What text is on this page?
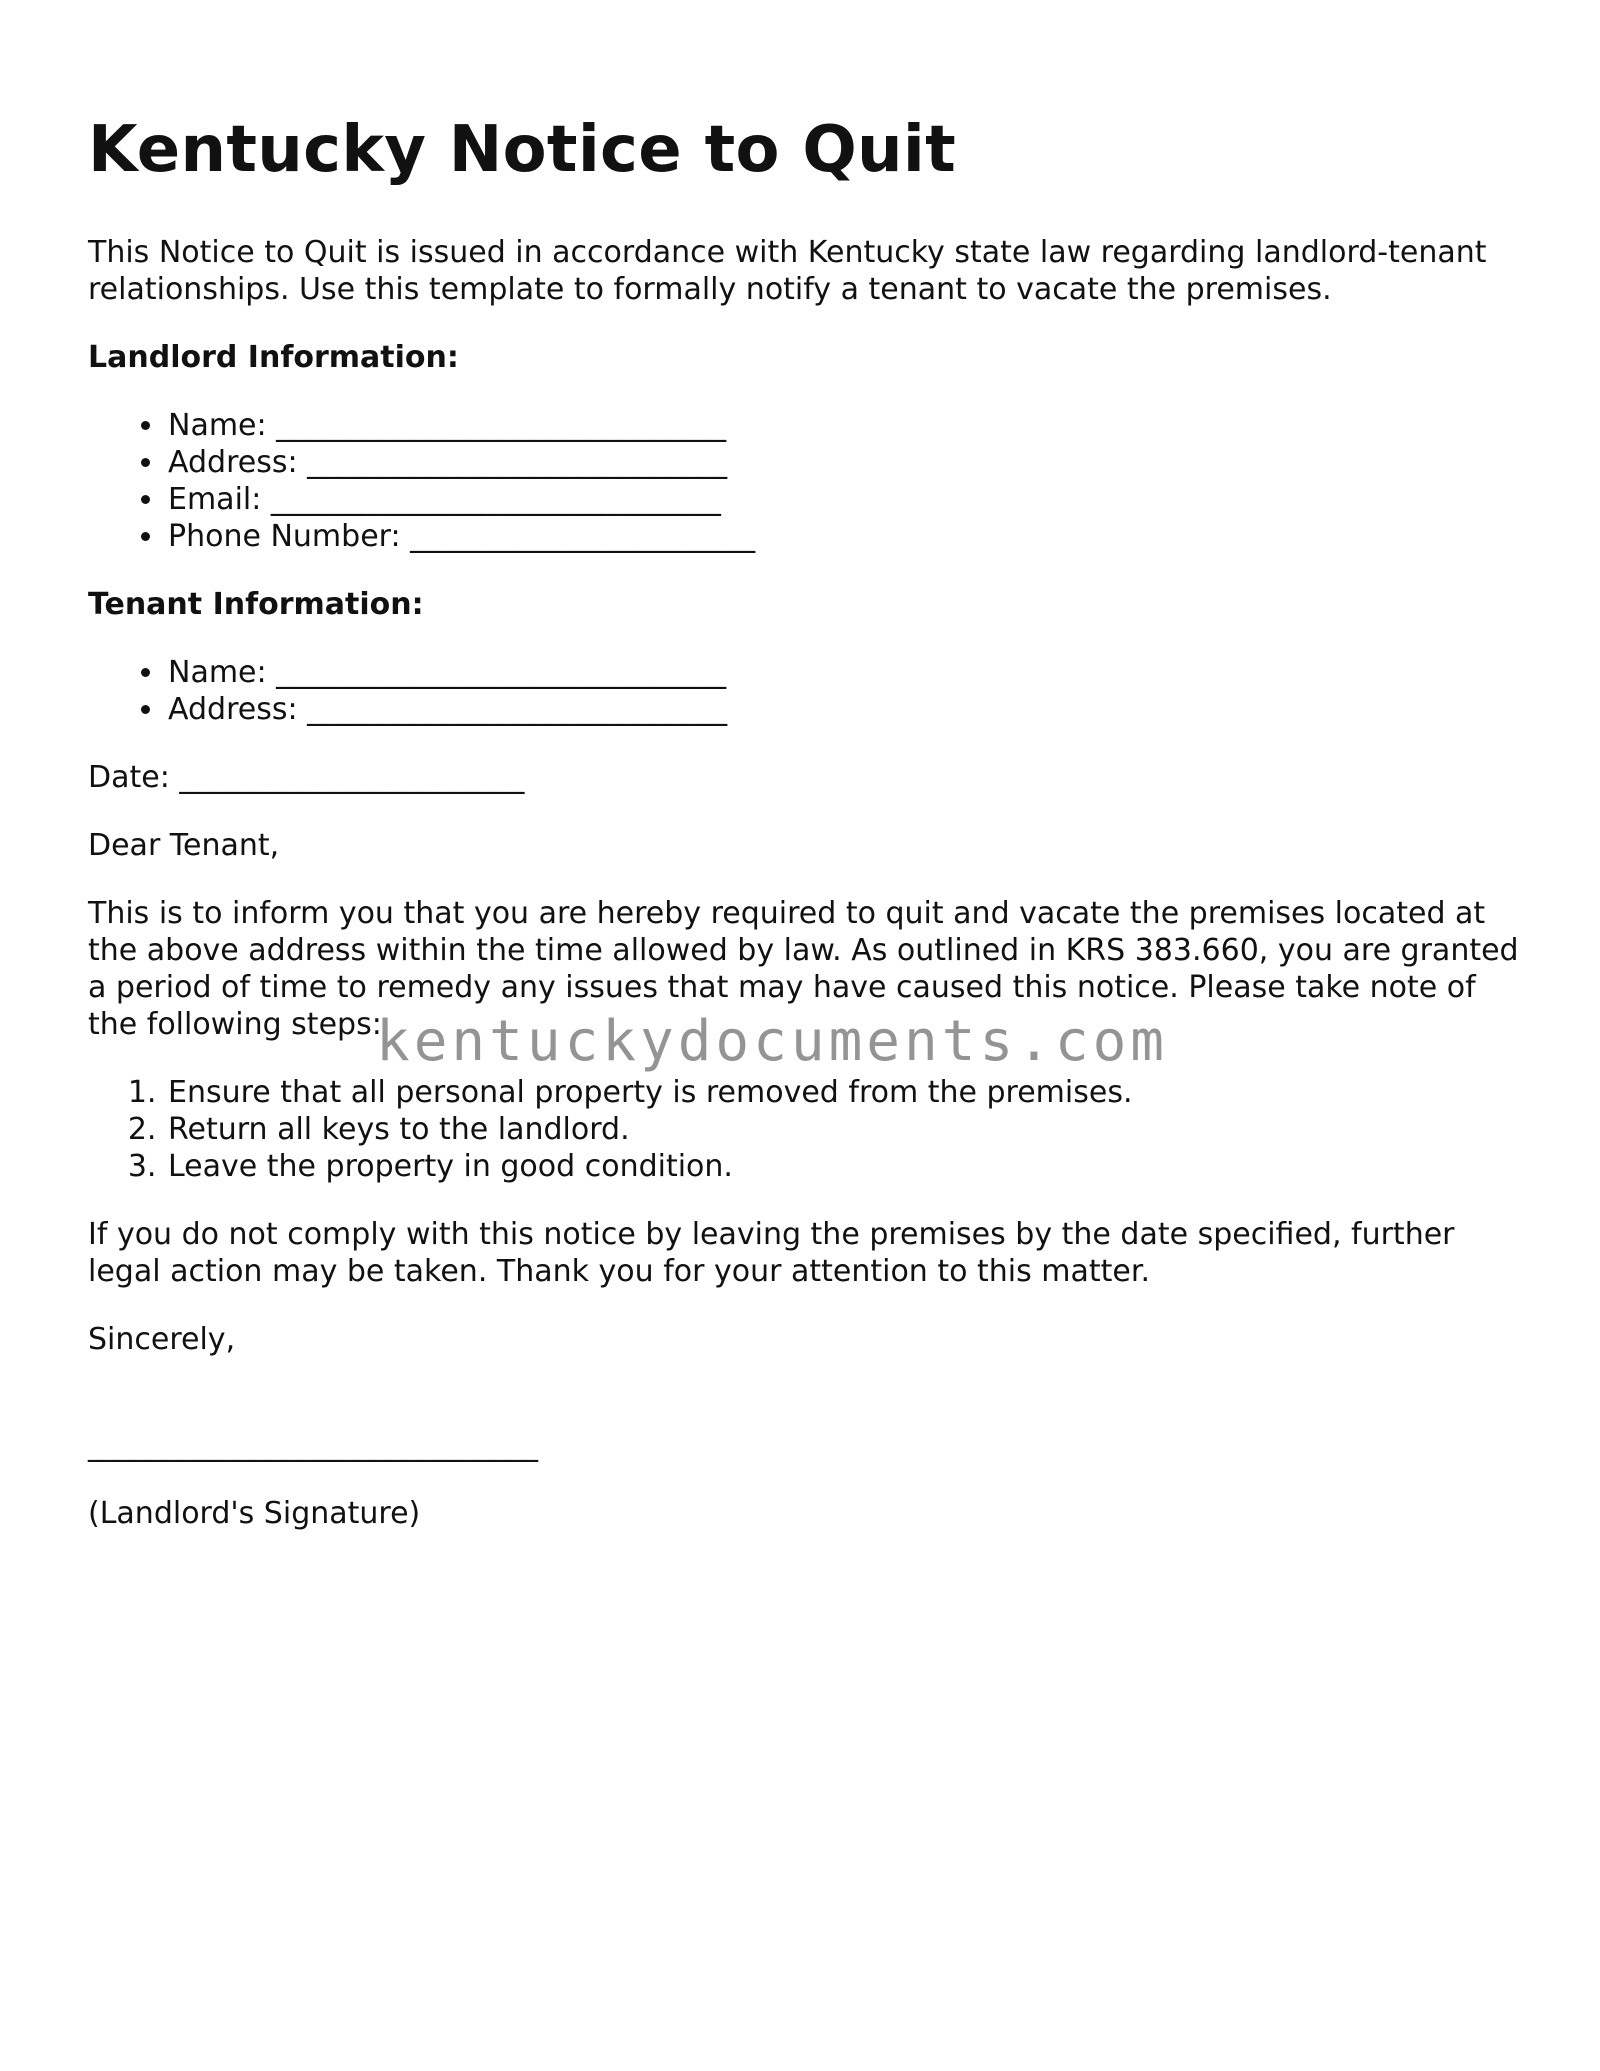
Kentucky Notice to Quit

This Notice to Quit is issued in accordance with Kentucky state law regarding landlord-tenant relationships. Use this template to formally notify a tenant to vacate the premises.

Landlord Information:
• Name: ______________________________
• Address: ____________________________
• Email: ______________________________
• Phone Number: _______________________
Tenant Information:
• Name: ______________________________
• Address: ____________________________

Date: _______________________

Dear Tenant,

This is to inform you that you are hereby required to quit and vacate the premises located at the above address within the time allowed by law. As outlined in KRS 383.660, you are granted a period of time to remedy any issues that may have caused this notice. Please take note of the following steps:

1. Ensure that all personal property is removed from the premises.
2. Return all keys to the landlord.
3. Leave the property in good condition.

If you do not comply with this notice by leaving the premises by the date specified, further legal action may be taken. Thank you for your attention to this matter.

Sincerely,

______________________________

(Landlord's Signature)

kentuckydocuments.com
